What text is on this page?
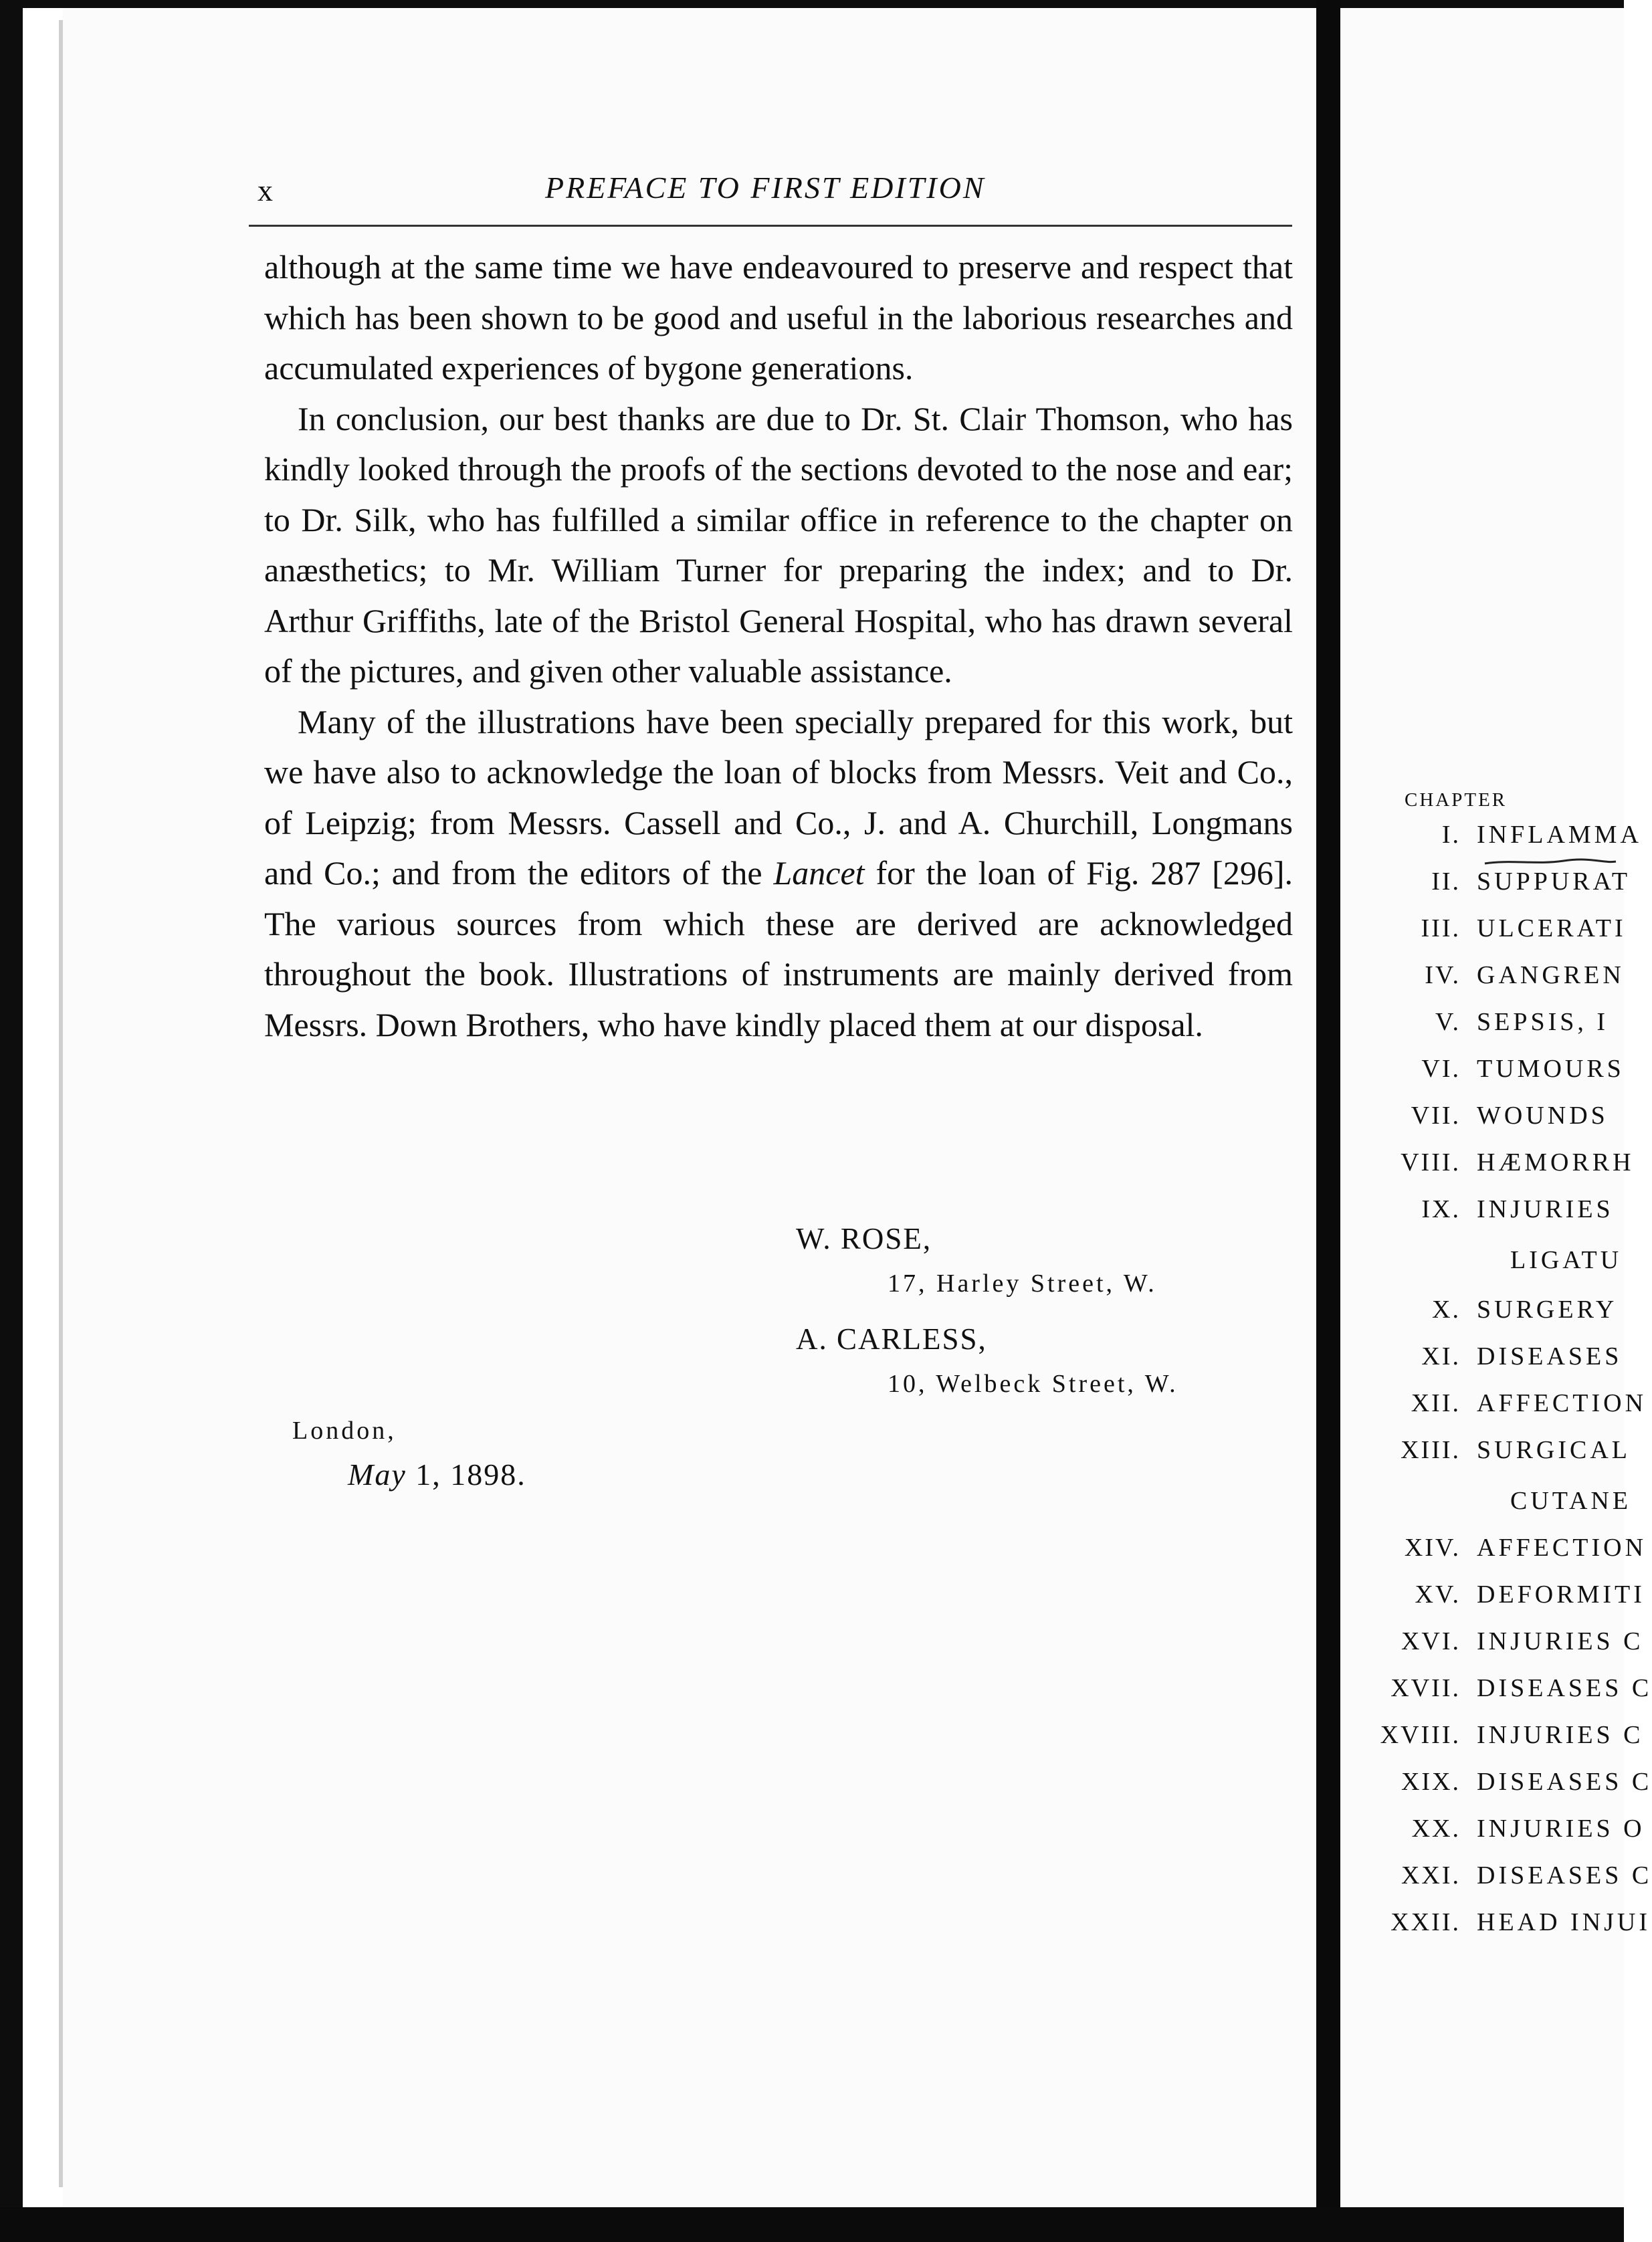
x	PREFACE TO FIRST EDITION

although at the same time we have endeavoured to preserve and respect that which has been shown to be good and useful in the laborious researches and accumulated experiences of bygone generations.

In conclusion, our best thanks are due to Dr. St. Clair Thomson, who has kindly looked through the proofs of the sections devoted to the nose and ear; to Dr. Silk, who has fulfilled a similar office in reference to the chapter on anæsthetics; to Mr. William Turner for preparing the index; and to Dr. Arthur Griffiths, late of the Bristol General Hospital, who has drawn several of the pictures, and given other valuable assistance.

Many of the illustrations have been specially prepared for this work, but we have also to acknowledge the loan of blocks from Messrs. Veit and Co., of Leipzig; from Messrs. Cassell and Co., J. and A. Churchill, Longmans and Co.; and from the editors of the Lancet for the loan of Fig. 287 [296]. The various sources from which these are derived are acknowledged throughout the book. Illustrations of instruments are mainly derived from Messrs. Down Brothers, who have kindly placed them at our disposal.

W. ROSE,
17, Harley Street, W.
A. CARLESS,
10, Welbeck Street, W.
London,
May 1, 1898.
CHAPTER
I. INFLAMMA
II. SUPPURAT
III. ULCERATI
IV. GANGREN
V. SEPSIS, I
VI. TUMOURS
VII. WOUNDS
VIII. HÆMORRH
IX. INJURIES
LIGATU
X. SURGERY
XI. DISEASES
XII. AFFECTION
XIII. SURGICAL
CUTANE
XIV. AFFECTION
XV. DEFORMITI
XVI. INJURIES C
XVII. DISEASES C
XVIII. INJURIES C
XIX. DISEASES C
XX. INJURIES O
XXI. DISEASES C
XXII. HEAD INJUI
